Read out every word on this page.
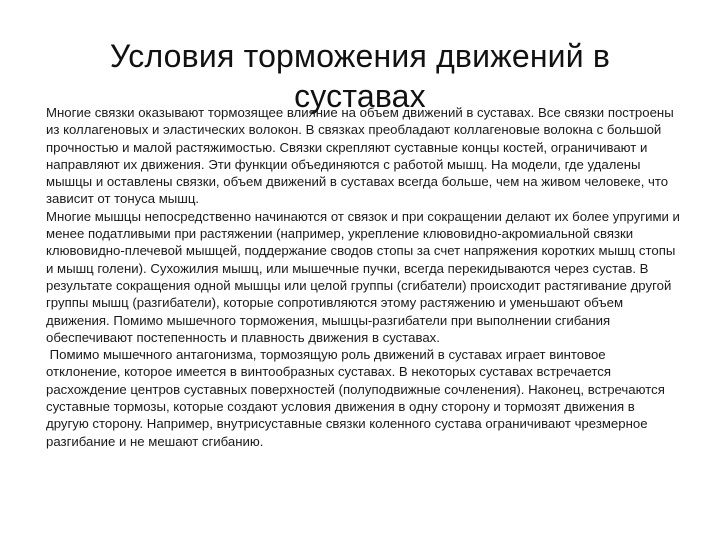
Условия торможения движений в суставах

Многие связки оказывают тормозящее влияние на объем движений в суставах. Все связки построены из коллагеновых и эластических волокон. В связках преобладают коллагеновые волокна с большой прочностью и малой растяжимостью. Связки скрепляют суставные концы костей, ограничивают и направляют их движения. Эти функции объединяются с работой мышц. На модели, где удалены мышцы и оставлены связки, объем движений в суставах всегда больше, чем на живом человеке, что зависит от тонуса мышц.

Многие мышцы непосредственно начинаются от связок и при сокращении делают их более упругими и менее податливыми при растяжении (например, укрепление клювовидно-акромиальной связки клювовидно-плечевой мышцей, поддержание сводов стопы за счет напряжения коротких мышц стопы и мышц голени). Сухожилия мышц, или мышечные пучки, всегда перекидываются через сустав. В результате сокращения одной мышцы или целой группы (сгибатели) происходит растягивание другой группы мышц (разгибатели), которые сопротивляются этому растяжению и уменьшают объем движения. Помимо мышечного торможения, мышцы-разгибатели при выполнении сгибания обеспечивают постепенность и плавность движения в суставах.

Помимо мышечного антагонизма, тормозящую роль движений в суставах играет винтовое отклонение, которое имеется в винтообразных суставах. В некоторых суставах встречается расхождение центров суставных поверхностей (полуподвижные сочленения). Наконец, встречаются суставные тормозы, которые создают условия движения в одну сторону и тормозят движения в другую сторону. Например, внутрисуставные связки коленного сустава ограничивают чрезмерное разгибание и не мешают сгибанию.
